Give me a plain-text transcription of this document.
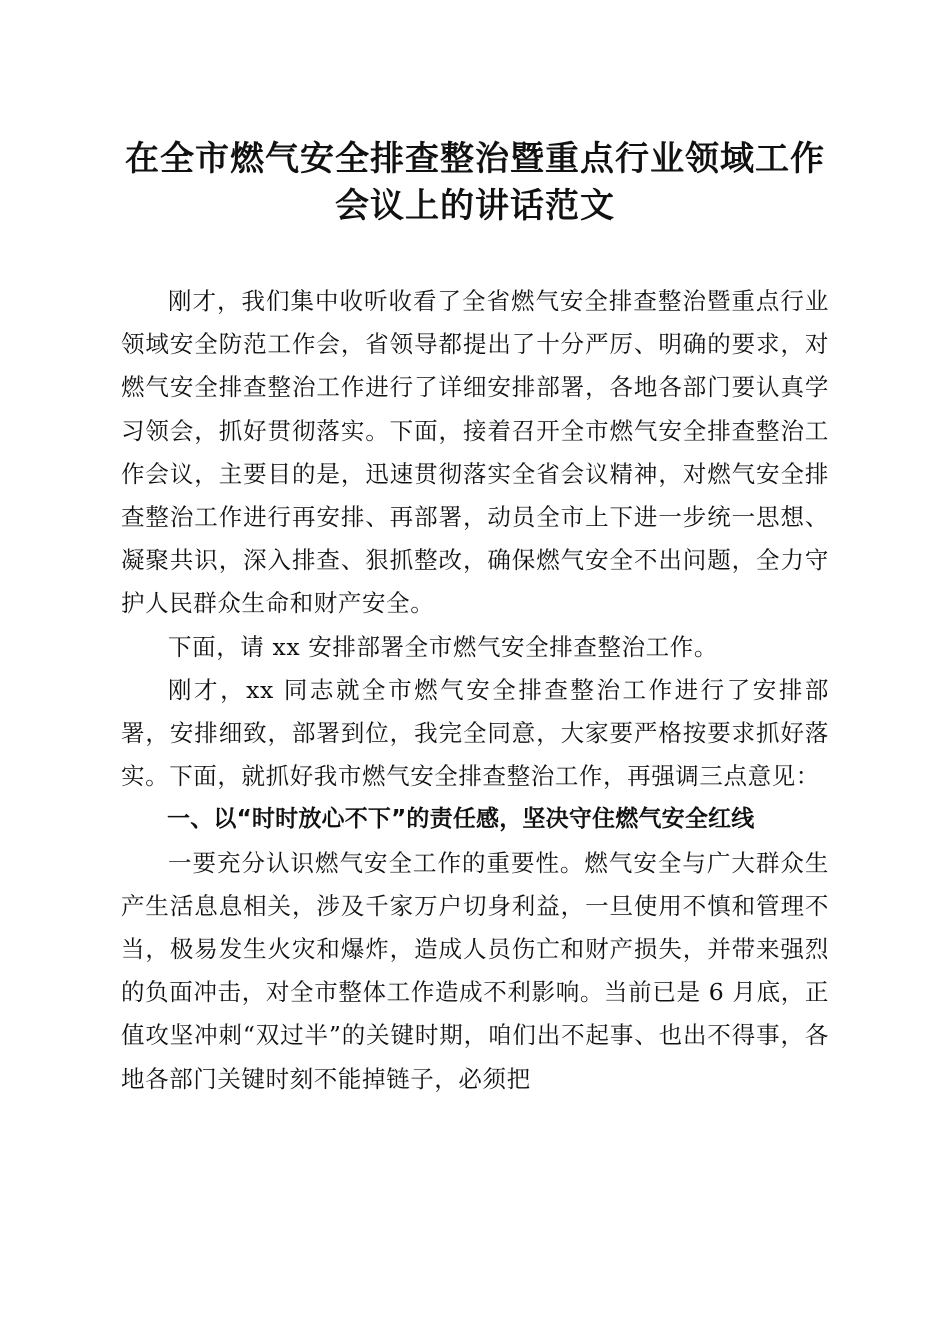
在全市燃气安全排查整治暨重点行业领域工作
会议上的讲话范文

刚才，我们集中收听收看了全省燃气安全排查整治暨重点行业领域安全防范工作会，省领导都提出了十分严厉、明确的要求，对燃气安全排查整治工作进行了详细安排部署，各地各部门要认真学习领会，抓好贯彻落实。下面，接着召开全市燃气安全排查整治工作会议，主要目的是，迅速贯彻落实全省会议精神，对燃气安全排查整治工作进行再安排、再部署，动员全市上下进一步统一思想、凝聚共识，深入排查、狠抓整改，确保燃气安全不出问题，全力守护人民群众生命和财产安全。

下面，请 xx 安排部署全市燃气安全排查整治工作。

刚才，xx 同志就全市燃气安全排查整治工作进行了安排部署，安排细致，部署到位，我完全同意，大家要严格按要求抓好落实。下面，就抓好我市燃气安全排查整治工作，再强调三点意见：

一、以“时时放心不下”的责任感，坚决守住燃气安全红线

一要充分认识燃气安全工作的重要性。燃气安全与广大群众生产生活息息相关，涉及千家万户切身利益，一旦使用不慎和管理不当，极易发生火灾和爆炸，造成人员伤亡和财产损失，并带来强烈的负面冲击，对全市整体工作造成不利影响。当前已是 6 月底，正值攻坚冲刺“双过半”的关键时期，咱们出不起事、也出不得事，各地各部门关键时刻不能掉链子，必须把
